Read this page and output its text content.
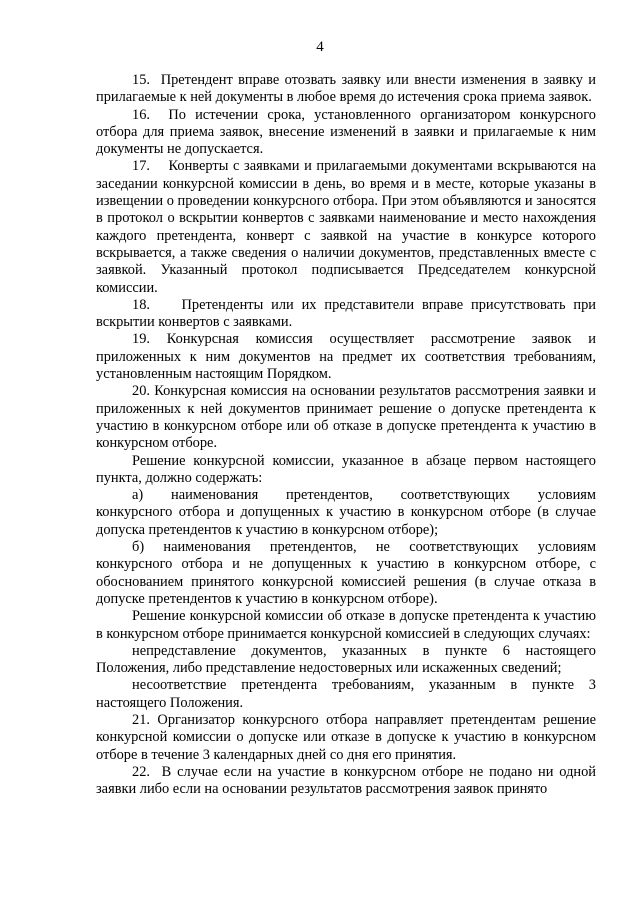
4

15.  Претендент вправе отозвать заявку или внести изменения в заявку и прилагаемые к ней документы в любое время до истечения срока приема заявок.

16.  По истечении срока, установленного организатором конкурсного отбора для приема заявок, внесение изменений в заявки и прилагаемые к ним документы не допускается.

17.    Конверты с заявками и прилагаемыми документами вскрываются на заседании конкурсной комиссии в день, во время и в месте, которые указаны в извещении о проведении конкурсного отбора. При этом объявляются и заносятся в протокол о вскрытии конвертов с заявками наименование и место нахождения каждого претендента, конверт с заявкой на участие в конкурсе которого вскрывается, а также сведения о наличии документов, представленных вместе с заявкой. Указанный протокол подписывается Председателем конкурсной комиссии.

18.    Претенденты или их представители вправе присутствовать при вскрытии конвертов с заявками.

19. Конкурсная комиссия осуществляет рассмотрение заявок и приложенных к ним документов на предмет их соответствия требованиям, установленным настоящим Порядком.

20. Конкурсная комиссия на основании результатов рассмотрения заявки и приложенных к ней документов принимает решение о допуске претендента к участию в конкурсном отборе или об отказе в допуске претендента к участию в конкурсном отборе.

Решение конкурсной комиссии, указанное в абзаце первом настоящего пункта, должно содержать:

а)       наименования       претендентов,       соответствующих       условиям конкурсного отбора и допущенных к участию в конкурсном отборе (в случае допуска претендентов к участию в конкурсном отборе);

б) наименования претендентов, не соответствующих условиям конкурсного отбора и не допущенных к участию в конкурсном отборе, с обоснованием принятого конкурсной комиссией решения (в случае отказа в допуске претендентов к участию в конкурсном отборе).

Решение конкурсной комиссии об отказе в допуске претендента к участию в конкурсном отборе принимается конкурсной комиссией в следующих случаях:

непредставление документов, указанных в пункте 6 настоящего Положения, либо представление недостоверных или искаженных сведений;

несоответствие претендента требованиям, указанным в пункте 3 настоящего Положения.

21. Организатор конкурсного отбора направляет претендентам решение конкурсной комиссии о допуске или отказе в допуске к участию в конкурсном отборе в течение 3 календарных дней со дня его принятия.

22.  В случае если на участие в конкурсном отборе не подано ни одной заявки либо если на основании результатов рассмотрения заявок принято
